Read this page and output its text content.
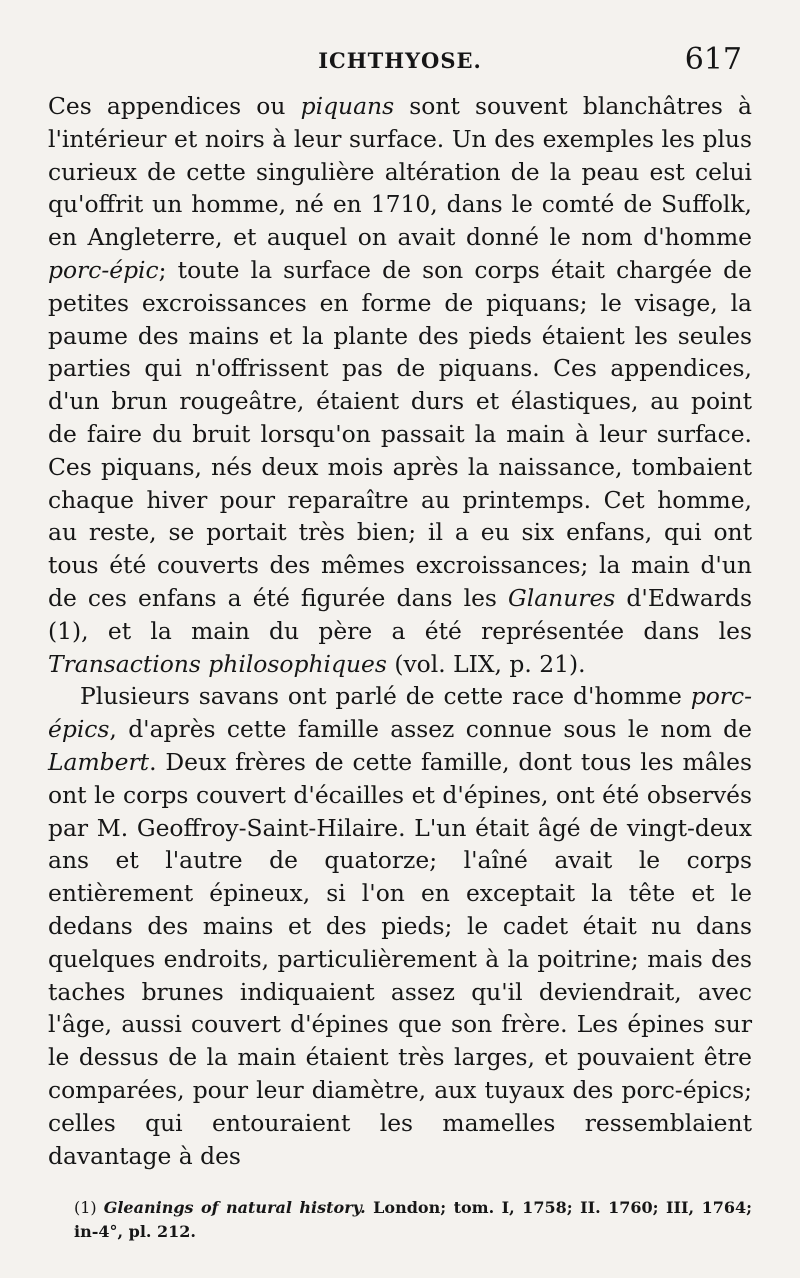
ICHTHYOSE.	617

Ces appendices ou piquans sont souvent blanchâtres à l'intérieur et noirs à leur surface. Un des exemples les plus curieux de cette singulière altération de la peau est celui qu'offrit un homme, né en 1710, dans le comté de Suffolk, en Angleterre, et auquel on avait donné le nom d'homme porc-épic; toute la surface de son corps était chargée de petites excroissances en forme de piquans; le visage, la paume des mains et la plante des pieds étaient les seules parties qui n'offrissent pas de piquans. Ces appendices, d'un brun rougeâtre, étaient durs et élastiques, au point de faire du bruit lorsqu'on passait la main à leur surface. Ces piquans, nés deux mois après la naissance, tombaient chaque hiver pour reparaître au printemps. Cet homme, au reste, se portait très bien; il a eu six enfans, qui ont tous été couverts des mêmes excroissances; la main d'un de ces enfans a été figurée dans les Glanures d'Edwards (1), et la main du père a été représentée dans les Transactions philosophiques (vol. LIX, p. 21).

Plusieurs savans ont parlé de cette race d'homme porc-épics, d'après cette famille assez connue sous le nom de Lambert. Deux frères de cette famille, dont tous les mâles ont le corps couvert d'écailles et d'épines, ont été observés par M. Geoffroy-Saint-Hilaire. L'un était âgé de vingt-deux ans et l'autre de quatorze; l'aîné avait le corps entièrement épineux, si l'on en exceptait la tête et le dedans des mains et des pieds; le cadet était nu dans quelques endroits, particulièrement à la poitrine; mais des taches brunes indiquaient assez qu'il deviendrait, avec l'âge, aussi couvert d'épines que son frère. Les épines sur le dessus de la main étaient très larges, et pouvaient être comparées, pour leur diamètre, aux tuyaux des porc-épics; celles qui entouraient les mamelles ressemblaient davantage à des

(1) Gleanings of natural history. London; tom. I, 1758; II. 1760; III, 1764; in-4°, pl. 212.
